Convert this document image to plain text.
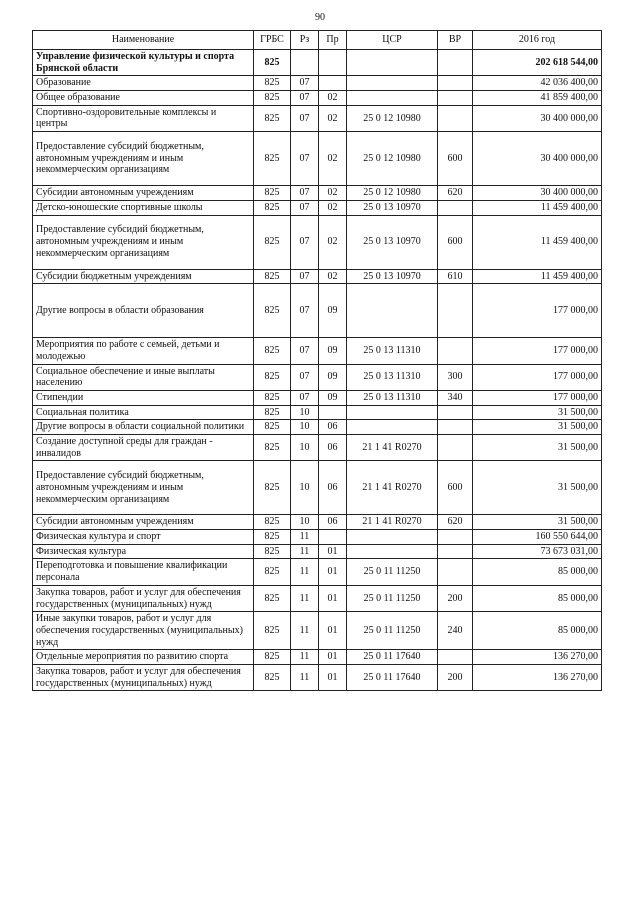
90
Наименование	ГРБС	Рз	Пр	ЦСР	ВР	2016 год
Управление физической культуры и спорта Брянской области	825					202 618 544,00
Образование	825	07				42 036 400,00
Общее образование	825	07	02			41 859 400,00
Спортивно-оздоровительные комплексы и центры	825	07	02	25 0 12 10980		30 400 000,00
Предоставление субсидий бюджетным, автономным учреждениям и иным некоммерческим организациям	825	07	02	25 0 12 10980	600	30 400 000,00
Субсидии автономным учреждениям	825	07	02	25 0 12 10980	620	30 400 000,00
Детско-юношеские спортивные школы	825	07	02	25 0 13 10970		11 459 400,00
Предоставление субсидий бюджетным, автономным учреждениям и иным некоммерческим организациям	825	07	02	25 0 13 10970	600	11 459 400,00
Субсидии бюджетным учреждениям	825	07	02	25 0 13 10970	610	11 459 400,00
Другие вопросы в области образования	825	07	09			177 000,00
Мероприятия по работе с семьей, детьми и молодежью	825	07	09	25 0 13 11310		177 000,00
Социальное обеспечение и иные выплаты населению	825	07	09	25 0 13 11310	300	177 000,00
Стипендии	825	07	09	25 0 13 11310	340	177 000,00
Социальная политика	825	10				31 500,00
Другие вопросы в области социальной политики	825	10	06			31 500,00
Создание доступной среды для граждан - инвалидов	825	10	06	21 1 41 R0270		31 500,00
Предоставление субсидий бюджетным, автономным учреждениям и иным некоммерческим организациям	825	10	06	21 1 41 R0270	600	31 500,00
Субсидии автономным учреждениям	825	10	06	21 1 41 R0270	620	31 500,00
Физическая культура и спорт	825	11				160 550 644,00
Физическая культура	825	11	01			73 673 031,00
Переподготовка и повышение квалификации персонала	825	11	01	25 0 11 11250		85 000,00
Закупка товаров, работ и услуг для обеспечения государственных (муниципальных) нужд	825	11	01	25 0 11 11250	200	85 000,00
Иные закупки товаров, работ и услуг для обеспечения государственных (муниципальных) нужд	825	11	01	25 0 11 11250	240	85 000,00
Отдельные мероприятия по развитию спорта	825	11	01	25 0 11 17640		136 270,00
Закупка товаров, работ и услуг для обеспечения государственных (муниципальных) нужд	825	11	01	25 0 11 17640	200	136 270,00
